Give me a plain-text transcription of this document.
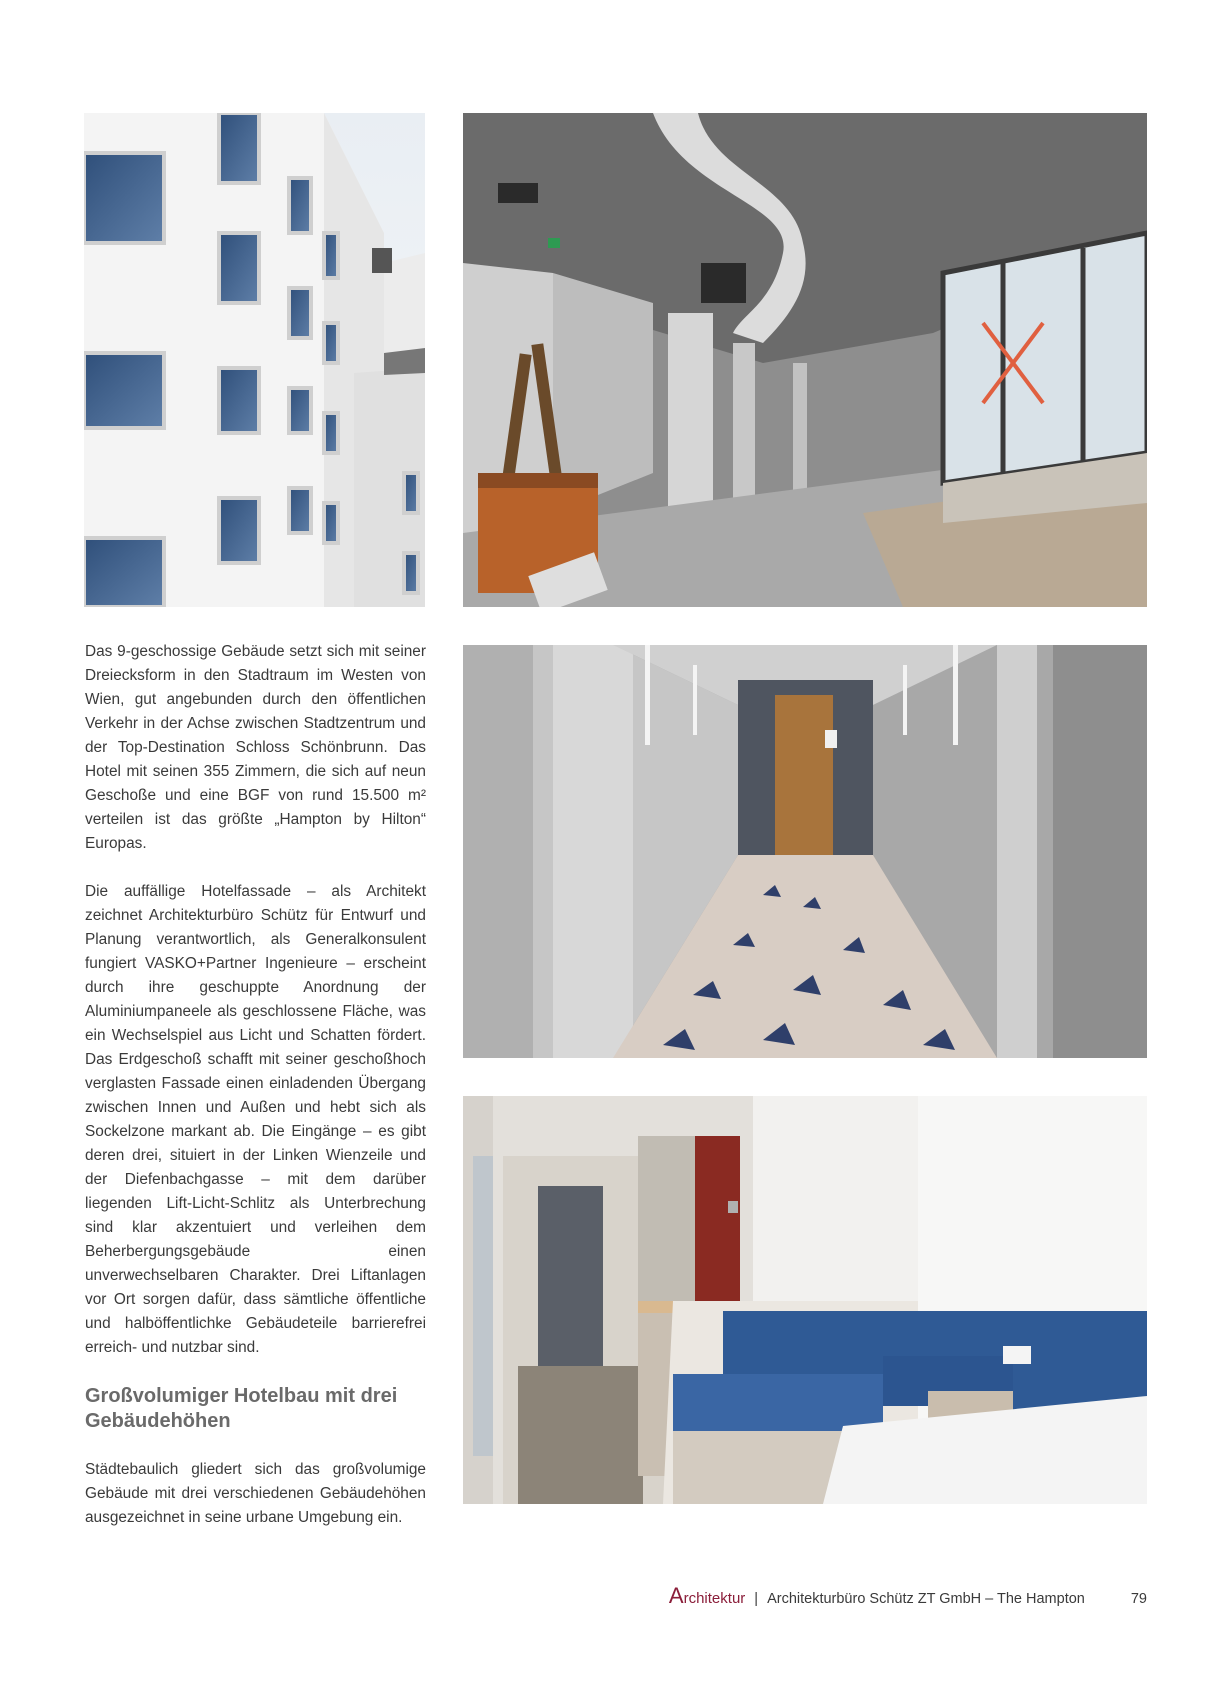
Das 9-geschossige Gebäude setzt sich mit seiner Dreiecksform in den Stadtraum im Westen von Wien, gut angebunden durch den öffentlichen Verkehr in der Achse zwischen Stadtzentrum und der Top-Destination Schloss Schönbrunn. Das Hotel mit seinen 355 Zimmern, die sich auf neun Geschoße und eine BGF von rund 15.500 m² verteilen ist das größte „Hampton by Hilton“ Europas.

Die auffällige Hotelfassade – als Architekt zeichnet Architekturbüro Schütz für Entwurf und Planung verantwortlich, als Generalkonsulent fungiert VASKO+Partner Ingenieure – erscheint durch ihre geschuppte Anordnung der Aluminiumpaneele als geschlossene Fläche, was ein Wechselspiel aus Licht und Schatten fördert. Das Erdgeschoß schafft mit seiner geschoßhoch verglasten Fassade einen einladenden Übergang zwischen Innen und Außen und hebt sich als Sockelzone markant ab. Die Eingänge – es gibt deren drei, situiert in der Linken Wienzeile und der Diefenbachgasse – mit dem darüber liegenden Lift-Licht-Schlitz als Unterbrechung sind klar akzentuiert und verleihen dem Beherbergungsgebäude einen unverwechselbaren Charakter. Drei Liftanlagen vor Ort sorgen dafür, dass sämtliche öffentliche und halböffentlichke Gebäudeteile barrierefrei erreich- und nutzbar sind.

Großvolumiger Hotelbau mit drei Gebäudehöhen

Städtebaulich gliedert sich das großvolumige Gebäude mit drei verschiedenen Gebäudehöhen ausgezeichnet in seine urbane Umgebung ein.

Architektur | Architekturbüro Schütz ZT GmbH – The Hampton	79
